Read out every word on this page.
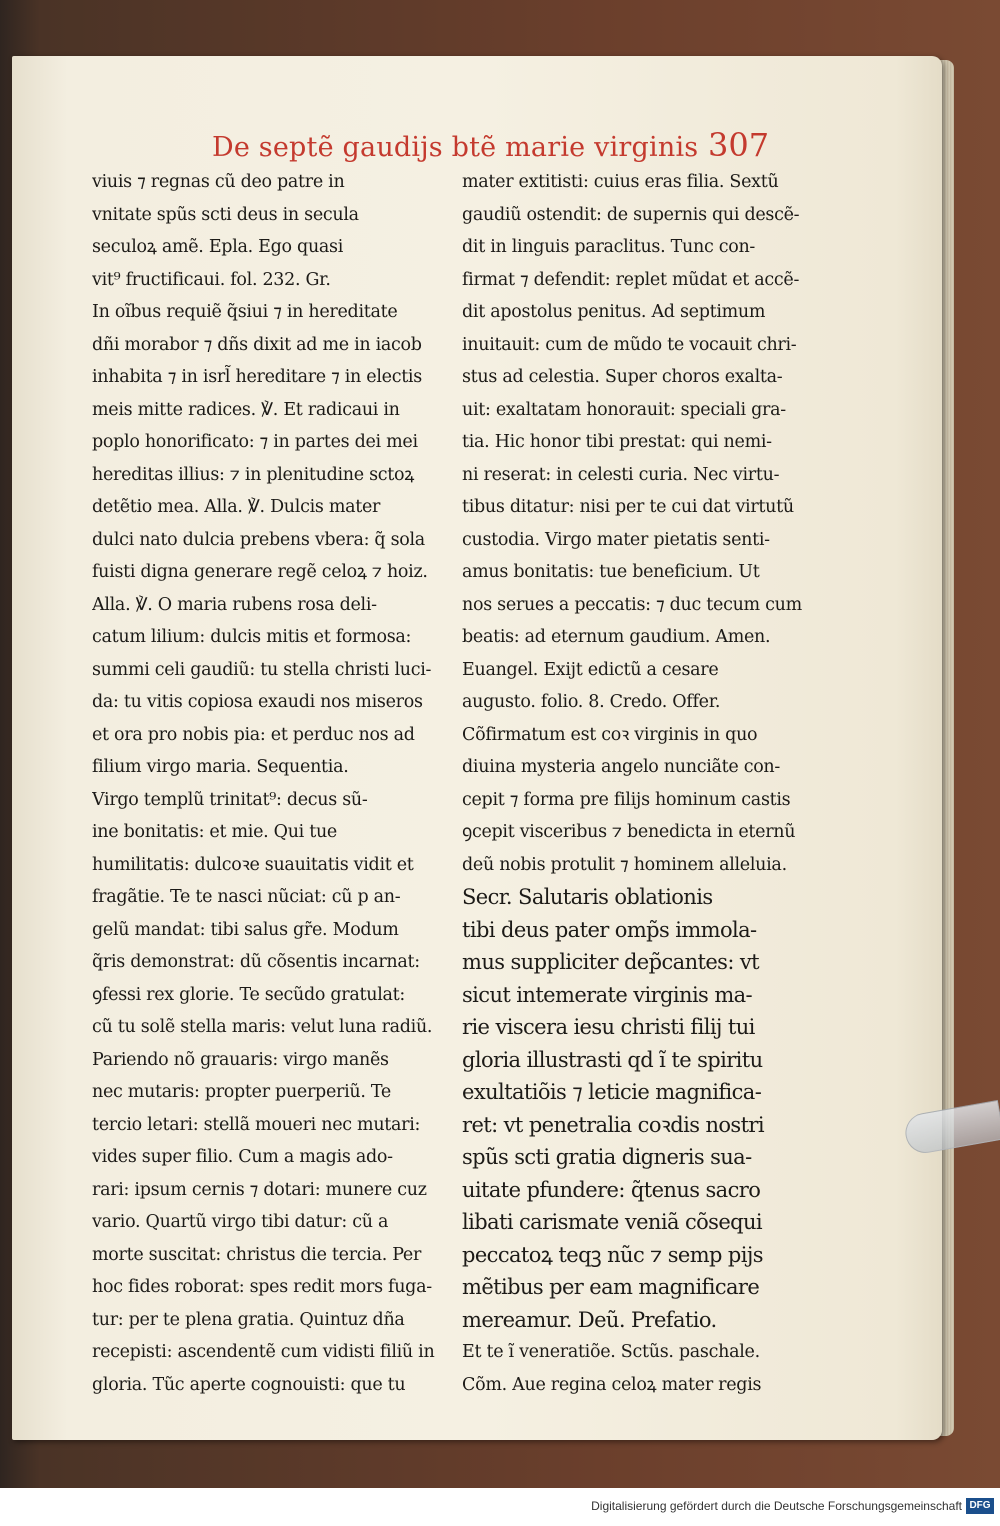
De septẽ gaudijs btẽ marie virginis 307
viuis ⁊ regnas cũ deo patre in
vnitate spũs scti deus in secula
seculoꝝ amẽ. Epla. Ego quasi
vit⁹ fructificaui. fol. 232. Gr.
In oĩbus requiẽ q̃siui ⁊ in hereditate
dñi morabor ⁊ dñs dixit ad me in iacob
inhabita ⁊ in isrl̃ hereditare ⁊ in electis
meis mitte radices. ℣. Et radicaui in
poplo honorificato: ⁊ in partes dei mei
hereditas illius: ⁊ in plenitudine sctoꝝ
detẽtio mea. Alla. ℣. Dulcis mater
dulci nato dulcia prebens vbera: q̃ sola
fuisti digna generare regẽ celoꝝ ⁊ hoiz.
Alla. ℣. O maria rubens rosa deli-
catum lilium: dulcis mitis et formosa:
summi celi gaudiũ: tu stella christi luci-
da: tu vitis copiosa exaudi nos miseros
et ora pro nobis pia: et perduc nos ad
filium virgo maria. Sequentia.
Virgo templũ trinitat⁹: decus sũ-
ine bonitatis: et mie. Qui tue
humilitatis: dulcoꝛe suauitatis vidit et
fragãtie. Te te nasci nũciat: cũ p an-
gelũ mandat: tibi salus gr̃e. Modum
q̃ris demonstrat: dũ cõsentis incarnat:
ꝯfessi rex glorie. Te secũdo gratulat:
cũ tu solẽ stella maris: velut luna radiũ.
Pariendo nõ grauaris: virgo manẽs
nec mutaris: propter puerperiũ. Te
tercio letari: stellã moueri nec mutari:
vides super filio. Cum a magis ado-
rari: ipsum cernis ⁊ dotari: munere cuz
vario. Quartũ virgo tibi datur: cũ a
morte suscitat: christus die tercia. Per
hoc fides roborat: spes redit mors fuga-
tur: per te plena gratia. Quintuz dña
recepisti: ascendentẽ cum vidisti filiũ in
gloria. Tũc aperte cognouisti: que tu
mater extitisti: cuius eras filia. Sextũ
gaudiũ ostendit: de supernis qui descẽ-
dit in linguis paraclitus. Tunc con-
firmat ⁊ defendit: replet mũdat et accẽ-
dit apostolus penitus. Ad septimum
inuitauit: cum de mũdo te vocauit chri-
stus ad celestia. Super choros exalta-
uit: exaltatam honorauit: speciali gra-
tia. Hic honor tibi prestat: qui nemi-
ni reserat: in celesti curia. Nec virtu-
tibus ditatur: nisi per te cui dat virtutũ
custodia. Virgo mater pietatis senti-
amus bonitatis: tue beneficium. Ut
nos serues a peccatis: ⁊ duc tecum cum
beatis: ad eternum gaudium. Amen.
Euangel. Exijt edictũ a cesare
augusto. folio. 8. Credo. Offer.
Cõfirmatum est coꝛ virginis in quo
diuina mysteria angelo nunciãte con-
cepit ⁊ forma pre filijs hominum castis
ꝯcepit visceribus ⁊ benedicta in eternũ
deũ nobis protulit ⁊ hominem alleluia.
Secr. Salutaris oblationis
tibi deus pater omp̃s immola-
mus suppliciter dep̃cantes: vt
sicut intemerate virginis ma-
rie viscera iesu christi filij tui
gloria illustrasti qd ĩ te spiritu
exultatiõis ⁊ leticie magnifica-
ret: vt penetralia coꝛdis nostri
spũs scti gratia digneris sua-
uitate pfundere: q̃tenus sacro
libati carismate veniã cõsequi
peccatoꝝ teqꝫ nũc ⁊ semp pijs
mẽtibus per eam magnificare
mereamur. Deũ. Prefatio.
Et te ĩ veneratiõe. Sctũs. paschale.
Cõm. Aue regina celoꝝ mater regis
Digitalisierung gefördert durch die Deutsche Forschungsgemeinschaft DFG
